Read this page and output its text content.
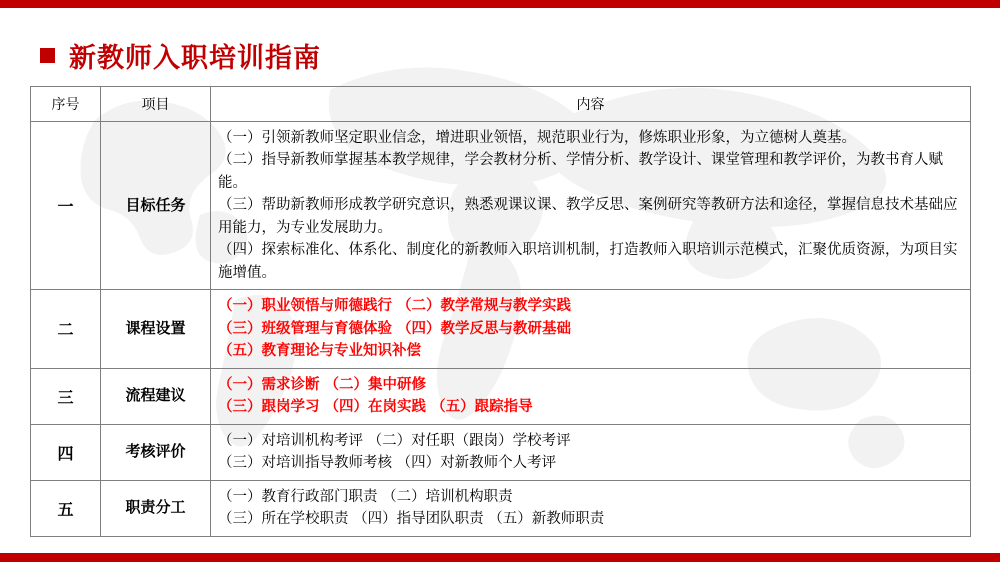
新教师入职培训指南
序号	项目	内容
一	目标任务	（一）引领新教师坚定职业信念，增进职业领悟，规范职业行为，修炼职业形象，为立德树人奠基。

（二）指导新教师掌握基本教学规律，学会教材分析、学情分析、教学设计、课堂管理和教学评价，为教书育人赋能。

（三）帮助新教师形成教学研究意识，熟悉观课议课、教学反思、案例研究等教研方法和途径，掌握信息技术基础应用能力，为专业发展助力。

（四）探索标准化、体系化、制度化的新教师入职培训机制，打造教师入职培训示范模式，汇聚优质资源，为项目实施增值。

二	课程设置	（一）职业领悟与师德践行 （二）教学常规与教学实践

（三）班级管理与育德体验 （四）教学反思与教研基础

（五）教育理论与专业知识补偿

三	流程建议	（一）需求诊断 （二）集中研修

（三）跟岗学习 （四）在岗实践 （五）跟踪指导

四	考核评价	（一）对培训机构考评 （二）对任职（跟岗）学校考评

（三）对培训指导教师考核 （四）对新教师个人考评

五	职责分工	（一）教育行政部门职责 （二）培训机构职责

（三）所在学校职责 （四）指导团队职责 （五）新教师职责
